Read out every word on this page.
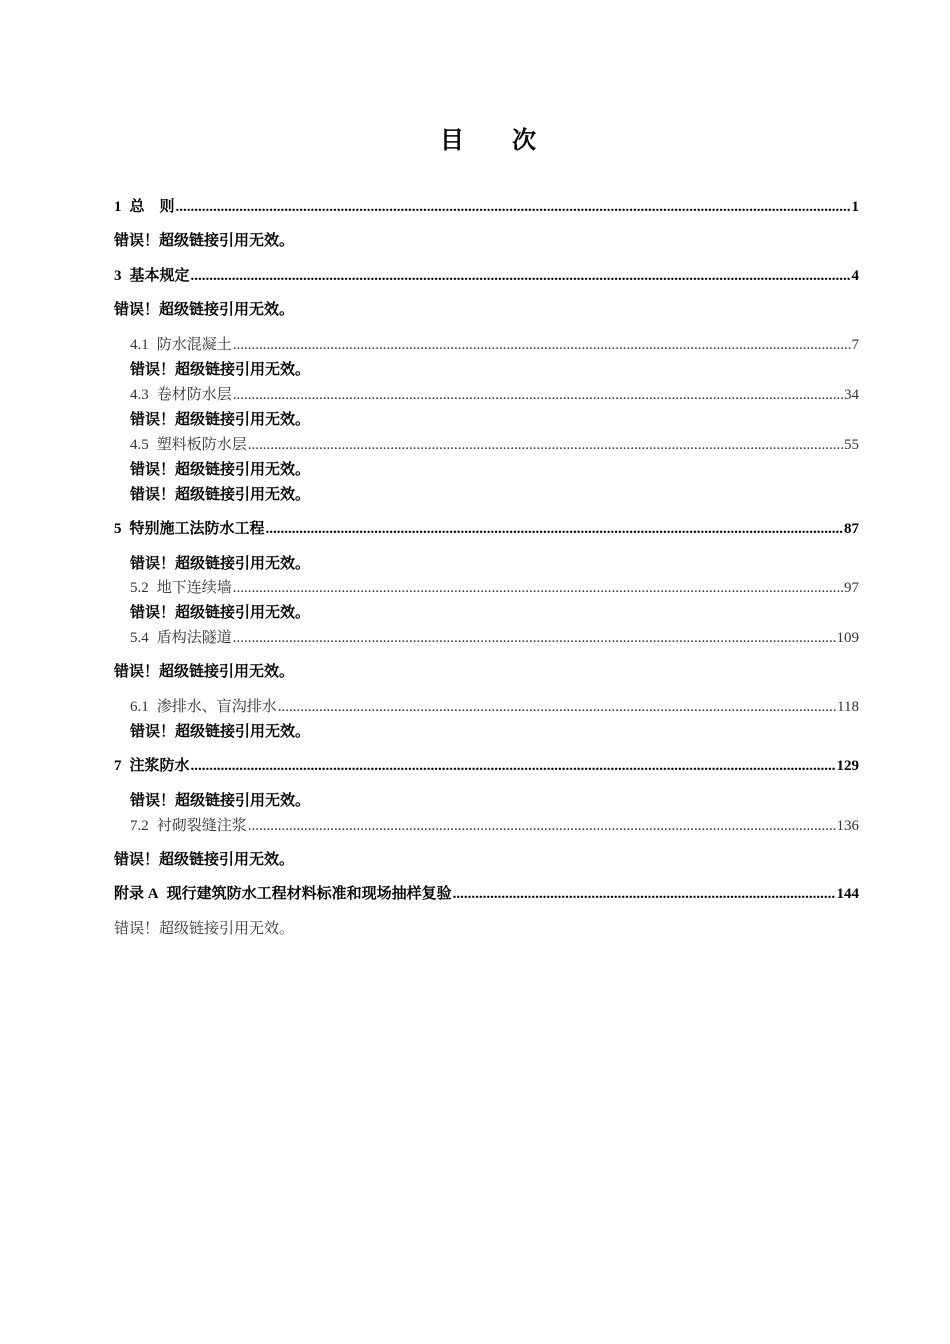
目 次
1 总　则 .....	1
错误！超级链接引用无效。
3 基本规定 .....	4
错误！超级链接引用无效。
4.1 防水混凝土 .....	7
错误！超级链接引用无效。
4.3 卷材防水层 .....	34
错误！超级链接引用无效。
4.5 塑料板防水层 .....	55
错误！超级链接引用无效。
错误！超级链接引用无效。
5 特别施工法防水工程 .....	87
错误！超级链接引用无效。
5.2 地下连续墙 .....	97
错误！超级链接引用无效。
5.4 盾构法隧道 .....	109
错误！超级链接引用无效。
6.1 渗排水、盲沟排水 .....	118
错误！超级链接引用无效。
7 注浆防水 .....	129
错误！超级链接引用无效。
7.2 衬砌裂缝注浆 .....	136
错误！超级链接引用无效。
附录 A 现行建筑防水工程材料标准和现场抽样复验 .....	144
错误！超级链接引用无效。
